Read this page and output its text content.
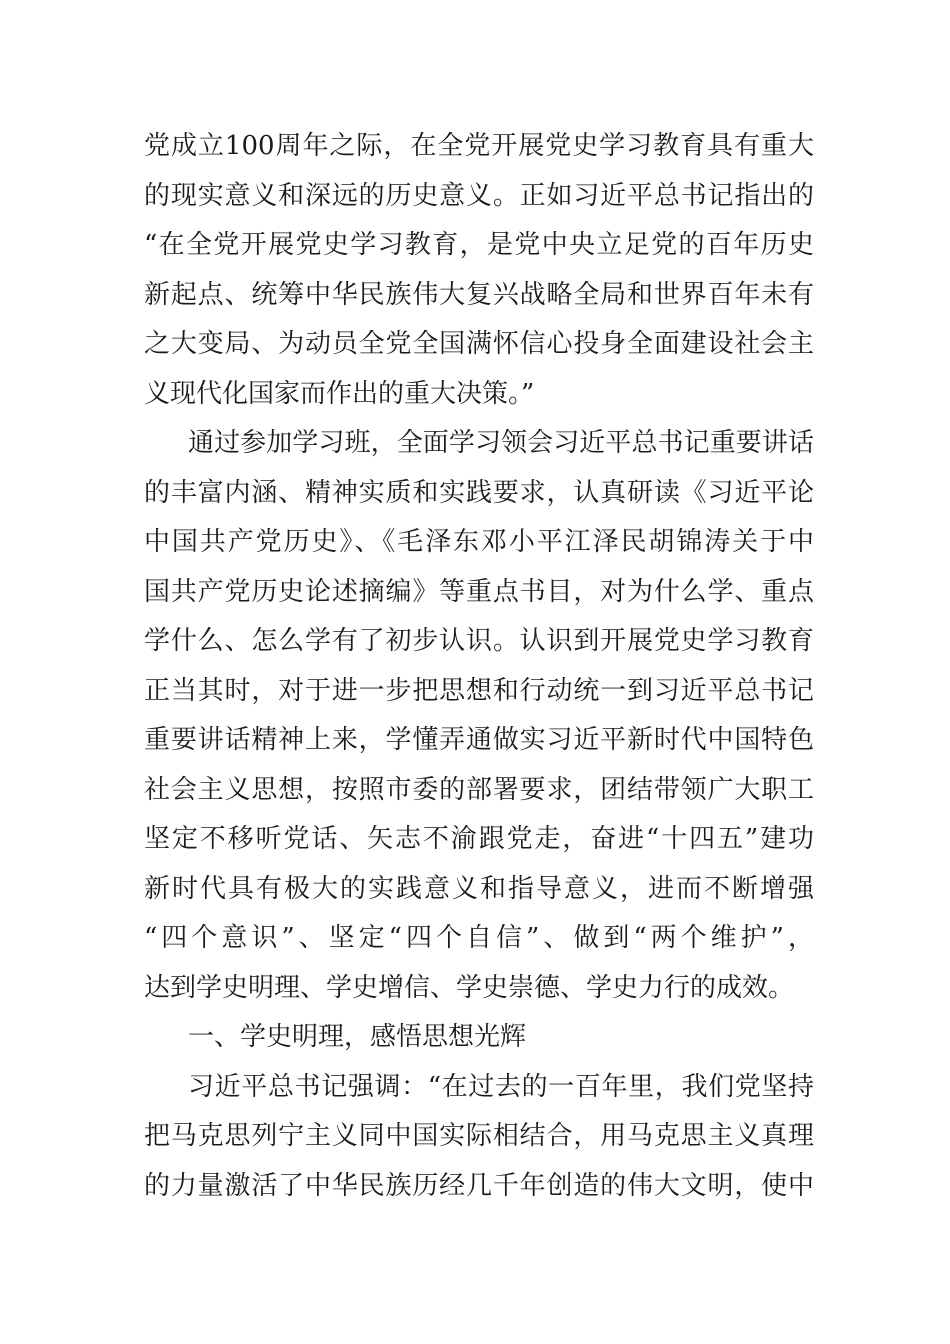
党成立100周年之际，在全党开展党史学习教育具有重大
的现实意义和深远的历史意义。正如习近平总书记指出的
“在全党开展党史学习教育，是党中央立足党的百年历史
新起点、统筹中华民族伟大复兴战略全局和世界百年未有
之大变局、为动员全党全国满怀信心投身全面建设社会主
义现代化国家而作出的重大决策。”
通过参加学习班，全面学习领会习近平总书记重要讲话
的丰富内涵、精神实质和实践要求，认真研读《习近平论
中国共产党历史》、《毛泽东邓小平江泽民胡锦涛关于中
国共产党历史论述摘编》等重点书目，对为什么学、重点
学什么、怎么学有了初步认识。认识到开展党史学习教育
正当其时，对于进一步把思想和行动统一到习近平总书记
重要讲话精神上来，学懂弄通做实习近平新时代中国特色
社会主义思想，按照市委的部署要求，团结带领广大职工
坚定不移听党话、矢志不渝跟党走，奋进“十四五”建功
新时代具有极大的实践意义和指导意义，进而不断增强
“四个意识”、坚定“四个自信”、做到“两个维护”，
达到学史明理、学史增信、学史崇德、学史力行的成效。
一、学史明理，感悟思想光辉
习近平总书记强调：“在过去的一百年里，我们党坚持
把马克思列宁主义同中国实际相结合，用马克思主义真理
的力量激活了中华民族历经几千年创造的伟大文明，使中
